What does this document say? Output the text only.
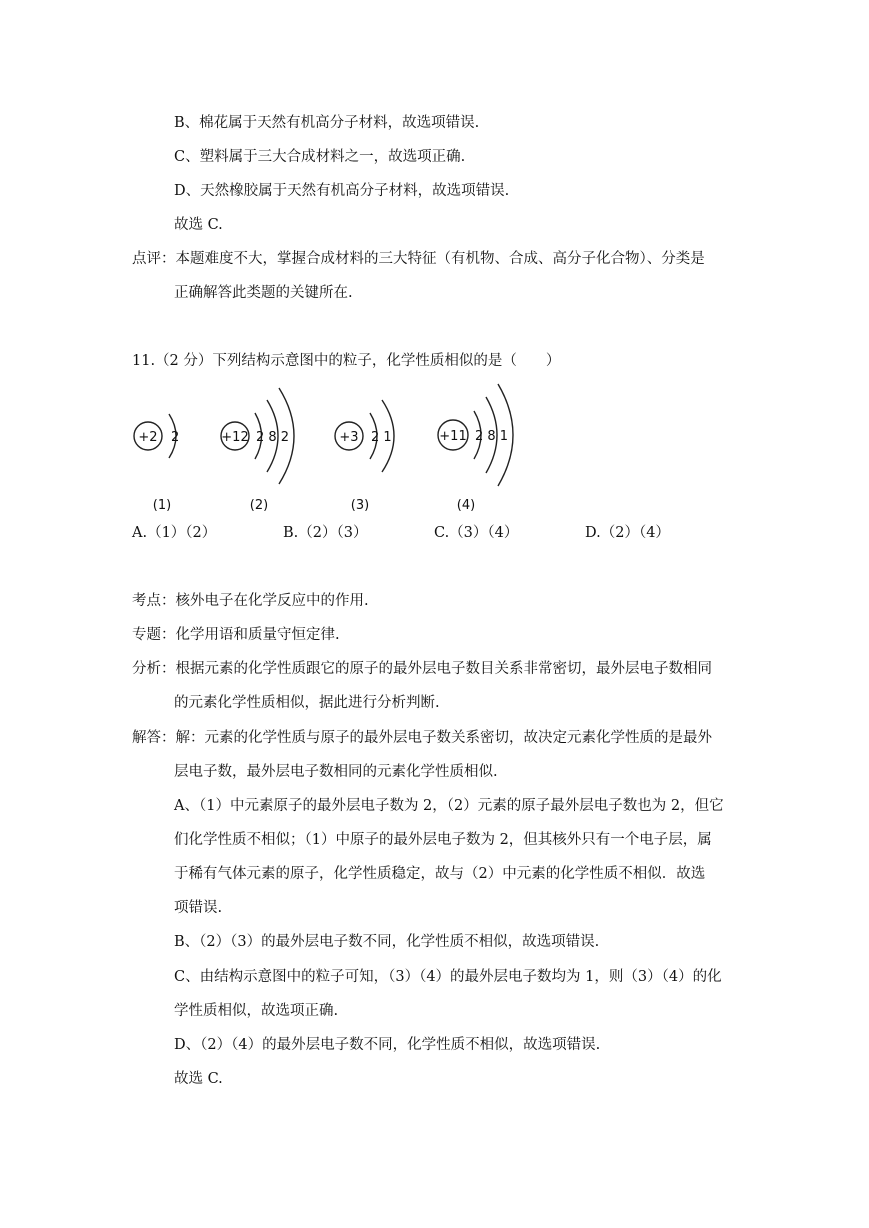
B、棉花属于天然有机高分子材料，故选项错误.
C、塑料属于三大合成材料之一，故选项正确.
D、天然橡胶属于天然有机高分子材料，故选项错误.
故选 C.
点评：本题难度不大，掌握合成材料的三大特征（有机物、合成、高分子化合物）、分类是
正确解答此类题的关键所在.
11.（2 分）下列结构示意图中的粒子，化学性质相似的是（　　）
+2 2	+12 2 8 2	+3 2 1	+11 2 8 1
(1)	(2)	(3)	(4)
A.（1）（2）	B.（2）（3）	C.（3）（4）	D.（2）（4）
考点：核外电子在化学反应中的作用.
专题：化学用语和质量守恒定律.
分析：根据元素的化学性质跟它的原子的最外层电子数目关系非常密切，最外层电子数相同
的元素化学性质相似，据此进行分析判断.
解答：解：元素的化学性质与原子的最外层电子数关系密切，故决定元素化学性质的是最外
层电子数，最外层电子数相同的元素化学性质相似.
A、（1）中元素原子的最外层电子数为 2，（2）元素的原子最外层电子数也为 2，但它
们化学性质不相似；（1）中原子的最外层电子数为 2，但其核外只有一个电子层，属
于稀有气体元素的原子，化学性质稳定，故与（2）中元素的化学性质不相似．故选
项错误.
B、（2）（3）的最外层电子数不同，化学性质不相似，故选项错误.
C、由结构示意图中的粒子可知，（3）（4）的最外层电子数均为 1，则（3）（4）的化
学性质相似，故选项正确.
D、（2）（4）的最外层电子数不同，化学性质不相似，故选项错误.
故选 C.
